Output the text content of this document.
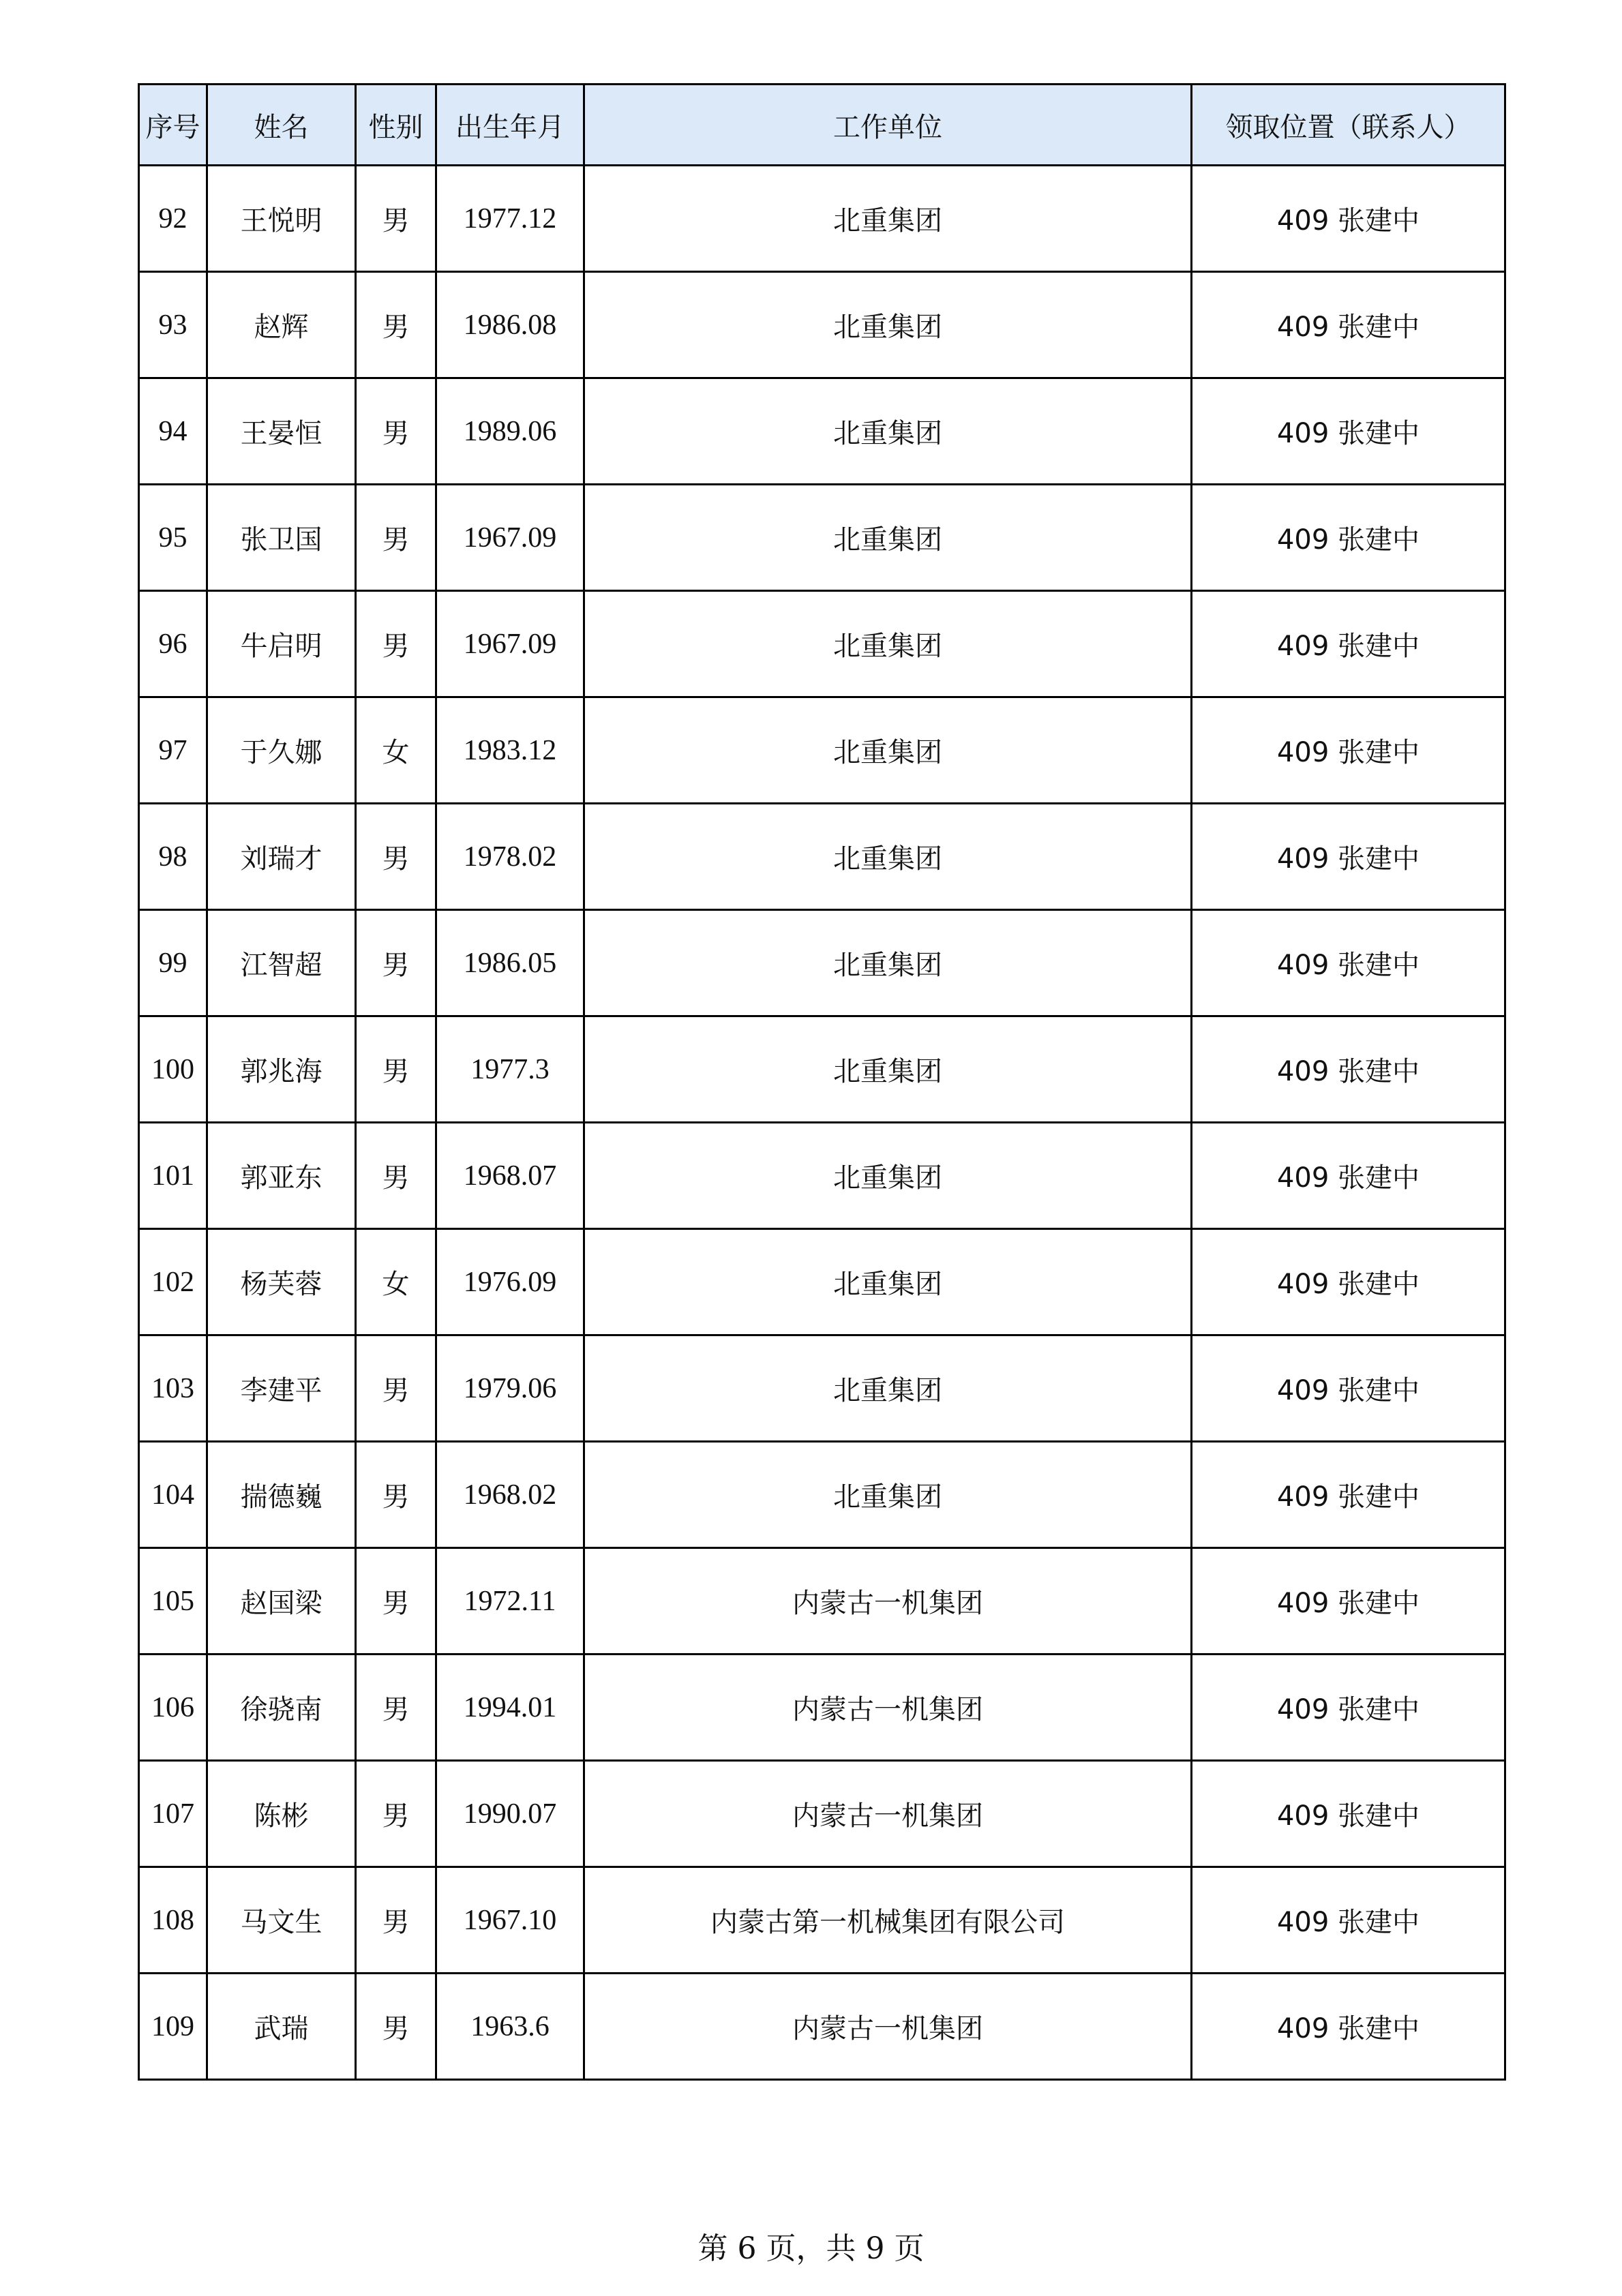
序号	姓名	性别	出生年月	工作单位	领取位置（联系人）
92	王悦明	男	1977.12	北重集团	409 张建中
93	赵辉	男	1986.08	北重集团	409 张建中
94	王晏恒	男	1989.06	北重集团	409 张建中
95	张卫国	男	1967.09	北重集团	409 张建中
96	牛启明	男	1967.09	北重集团	409 张建中
97	于久娜	女	1983.12	北重集团	409 张建中
98	刘瑞才	男	1978.02	北重集团	409 张建中
99	江智超	男	1986.05	北重集团	409 张建中
100	郭兆海	男	1977.3	北重集团	409 张建中
101	郭亚东	男	1968.07	北重集团	409 张建中
102	杨芙蓉	女	1976.09	北重集团	409 张建中
103	李建平	男	1979.06	北重集团	409 张建中
104	揣德巍	男	1968.02	北重集团	409 张建中
105	赵国梁	男	1972.11	内蒙古一机集团	409 张建中
106	徐骁南	男	1994.01	内蒙古一机集团	409 张建中
107	陈彬	男	1990.07	内蒙古一机集团	409 张建中
108	马文生	男	1967.10	内蒙古第一机械集团有限公司	409 张建中
109	武瑞	男	1963.6	内蒙古一机集团	409 张建中
第 6 页，共 9 页
